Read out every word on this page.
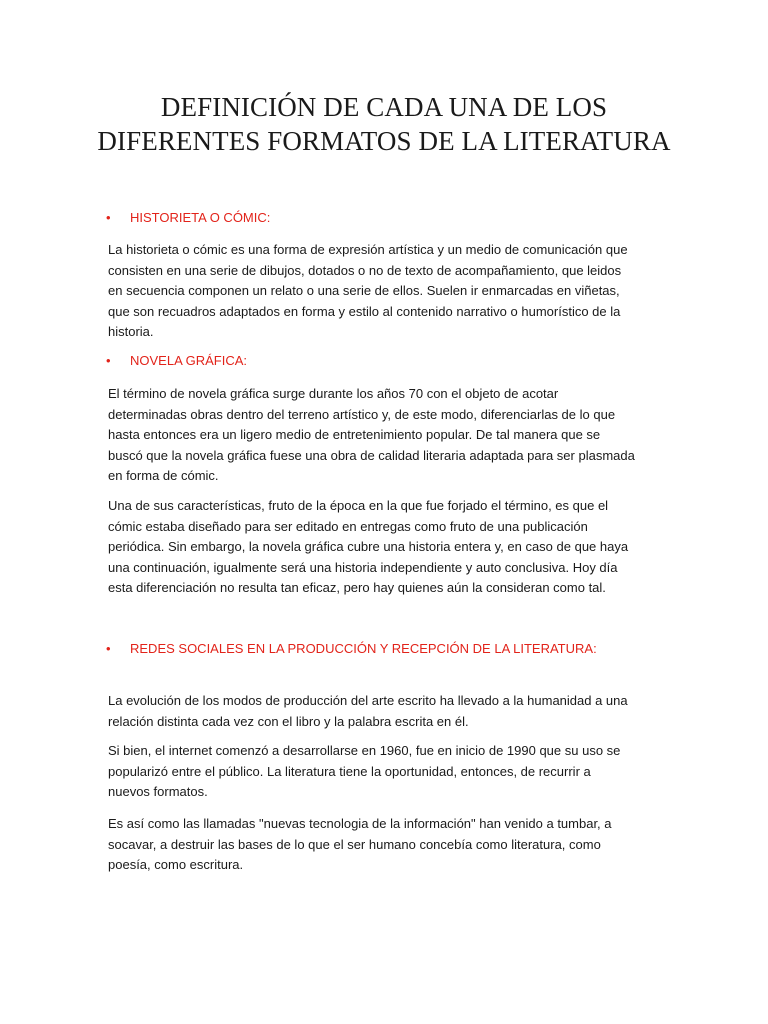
DEFINICIÓN DE CADA UNA DE LOS
DIFERENTES FORMATOS DE LA LITERATURA
• HISTORIETA O CÓMIC:
La historieta o cómic es una forma de expresión artística y un medio de comunicación que
consisten en una serie de dibujos, dotados o no de texto de acompañamiento, que leidos
en secuencia componen un relato o una serie de ellos. Suelen ir enmarcadas en viñetas,
que son recuadros adaptados en forma y estilo al contenido narrativo o humorístico de la
historia.
• NOVELA GRÁFICA:
El término de novela gráfica surge durante los años 70 con el objeto de acotar
determinadas obras dentro del terreno artístico y, de este modo, diferenciarlas de lo que
hasta entonces era un ligero medio de entretenimiento popular. De tal manera que se
buscó que la novela gráfica fuese una obra de calidad literaria adaptada para ser plasmada
en forma de cómic.
Una de sus características, fruto de la época en la que fue forjado el término, es que el
cómic estaba diseñado para ser editado en entregas como fruto de una publicación
periódica. Sin embargo, la novela gráfica cubre una historia entera y, en caso de que haya
una continuación, igualmente será una historia independiente y auto conclusiva. Hoy día
esta diferenciación no resulta tan eficaz, pero hay quienes aún la consideran como tal.
• REDES SOCIALES EN LA PRODUCCIÓN Y RECEPCIÓN DE LA LITERATURA:
La evolución de los modos de producción del arte escrito ha llevado a la humanidad a una
relación distinta cada vez con el libro y la palabra escrita en él.
Si bien, el internet comenzó a desarrollarse en 1960, fue en inicio de 1990 que su uso se
popularizó entre el público. La literatura tiene la oportunidad, entonces, de recurrir a
nuevos formatos.
Es así como las llamadas "nuevas tecnologia de la información" han venido a tumbar, a
socavar, a destruir las bases de lo que el ser humano concebía como literatura, como
poesía, como escritura.
